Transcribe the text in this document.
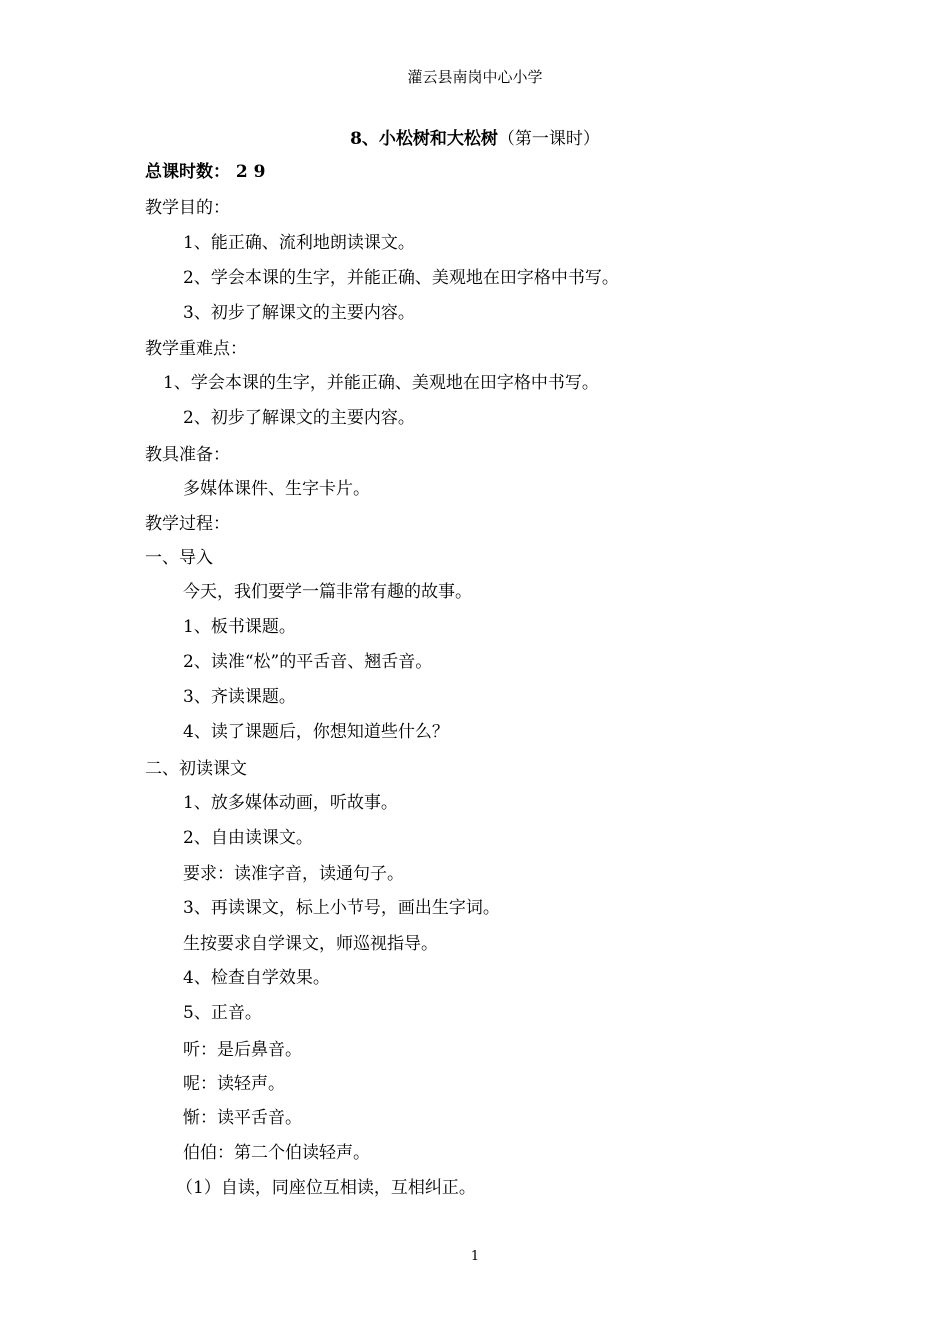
灌云县南岗中心小学
8、小松树和大松树（第一课时）
总课时数： 2 9
教学目的：
1、能正确、流利地朗读课文。
2、学会本课的生字，并能正确、美观地在田字格中书写。
3、初步了解课文的主要内容。
教学重难点：
1、学会本课的生字，并能正确、美观地在田字格中书写。
2、初步了解课文的主要内容。
教具准备：
多媒体课件、生字卡片。
教学过程：
一、导入
今天，我们要学一篇非常有趣的故事。
1、板书课题。
2、读准“松”的平舌音、翘舌音。
3、齐读课题。
4、读了课题后，你想知道些什么？
二、初读课文
1、放多媒体动画，听故事。
2、自由读课文。
要求：读准字音，读通句子。
3、再读课文，标上小节号，画出生字词。
生按要求自学课文，师巡视指导。
4、检查自学效果。
5、正音。
听：是后鼻音。
呢：读轻声。
惭：读平舌音。
伯伯：第二个伯读轻声。
（1）自读，同座位互相读，互相纠正。
1
